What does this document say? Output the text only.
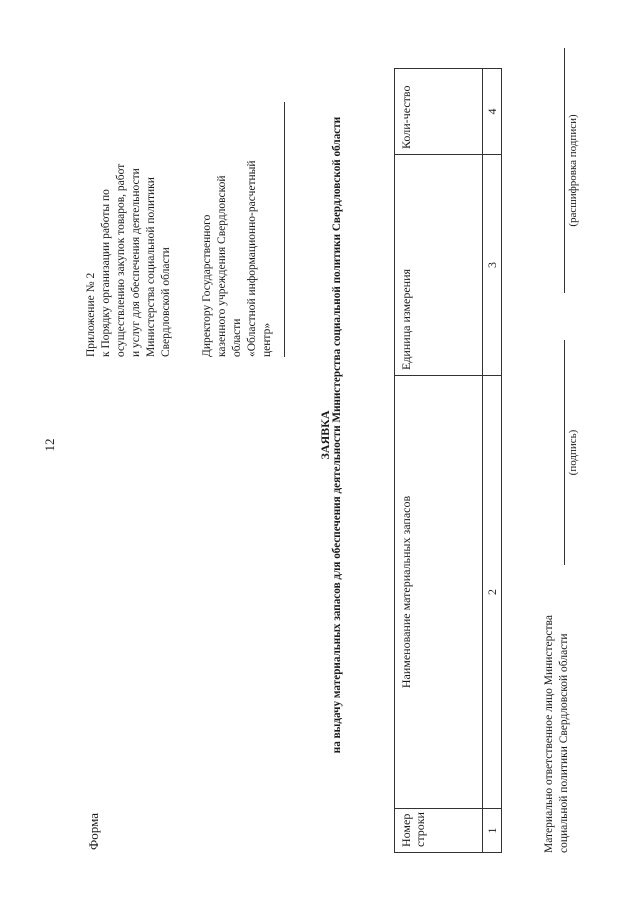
12
Форма
Приложение № 2 к Порядку организации работы по осуществлению закупок товаров, работ и услуг для обеспечения деятельности Министерства социальной политики Свердловской области	Директору Государственного казенного учреждения Свердловской области «Областной информационно-расчетный центр»
ЗАЯВКА на выдачу материальных запасов для обеспечения деятельности Министерства социальной политики Свердловской области
Номер строки	Наименование материальных запасов	Единица измерения	Коли-чество
1	2	3	4
Материально ответственное лицо Министерства социальной политики Свердловской области
(подпись)
(расшифровка подписи)
